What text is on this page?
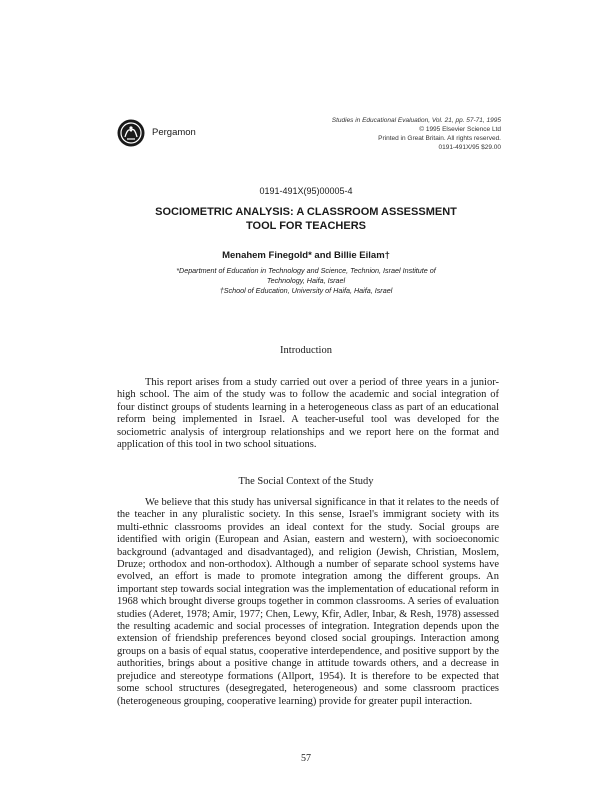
Pergamon
Studies in Educational Evaluation, Vol. 21, pp. 57-71, 1995
© 1995 Elsevier Science Ltd
Printed in Great Britain. All rights reserved.
0191-491X/95 $29.00
0191-491X(95)00005-4
SOCIOMETRIC ANALYSIS: A CLASSROOM ASSESSMENT
TOOL FOR TEACHERS
Menahem Finegold* and Billie Eilam†
*Department of Education in Technology and Science, Technion, Israel Institute of
Technology, Haifa, Israel
†School of Education, University of Haifa, Haifa, Israel
Introduction

This report arises from a study carried out over a period of three years in a junior-high school. The aim of the study was to follow the academic and social integration of four distinct groups of students learning in a heterogeneous class as part of an educational reform being implemented in Israel. A teacher-useful tool was developed for the sociometric analysis of intergroup relationships and we report here on the format and application of this tool in two school situations.

The Social Context of the Study

We believe that this study has universal significance in that it relates to the needs of the teacher in any pluralistic society. In this sense, Israel's immigrant society with its multi-ethnic classrooms provides an ideal context for the study. Social groups are identified with origin (European and Asian, eastern and western), with socioeconomic background (advantaged and disadvantaged), and religion (Jewish, Christian, Moslem, Druze; orthodox and non-orthodox). Although a number of separate school systems have evolved, an effort is made to promote integration among the different groups. An important step towards social integration was the implementation of educational reform in 1968 which brought diverse groups together in common classrooms. A series of evaluation studies (Aderet, 1978; Amir, 1977; Chen, Lewy, Kfir, Adler, Inbar, & Resh, 1978) assessed the resulting academic and social processes of integration. Integration depends upon the extension of friendship preferences beyond closed social groupings. Interaction among groups on a basis of equal status, cooperative interdependence, and positive support by the authorities, brings about a positive change in attitude towards others, and a decrease in prejudice and stereotype formations (Allport, 1954). It is therefore to be expected that some school structures (desegregated, heterogeneous) and some classroom practices (heterogeneous grouping, cooperative learning) provide for greater pupil interaction.

57
